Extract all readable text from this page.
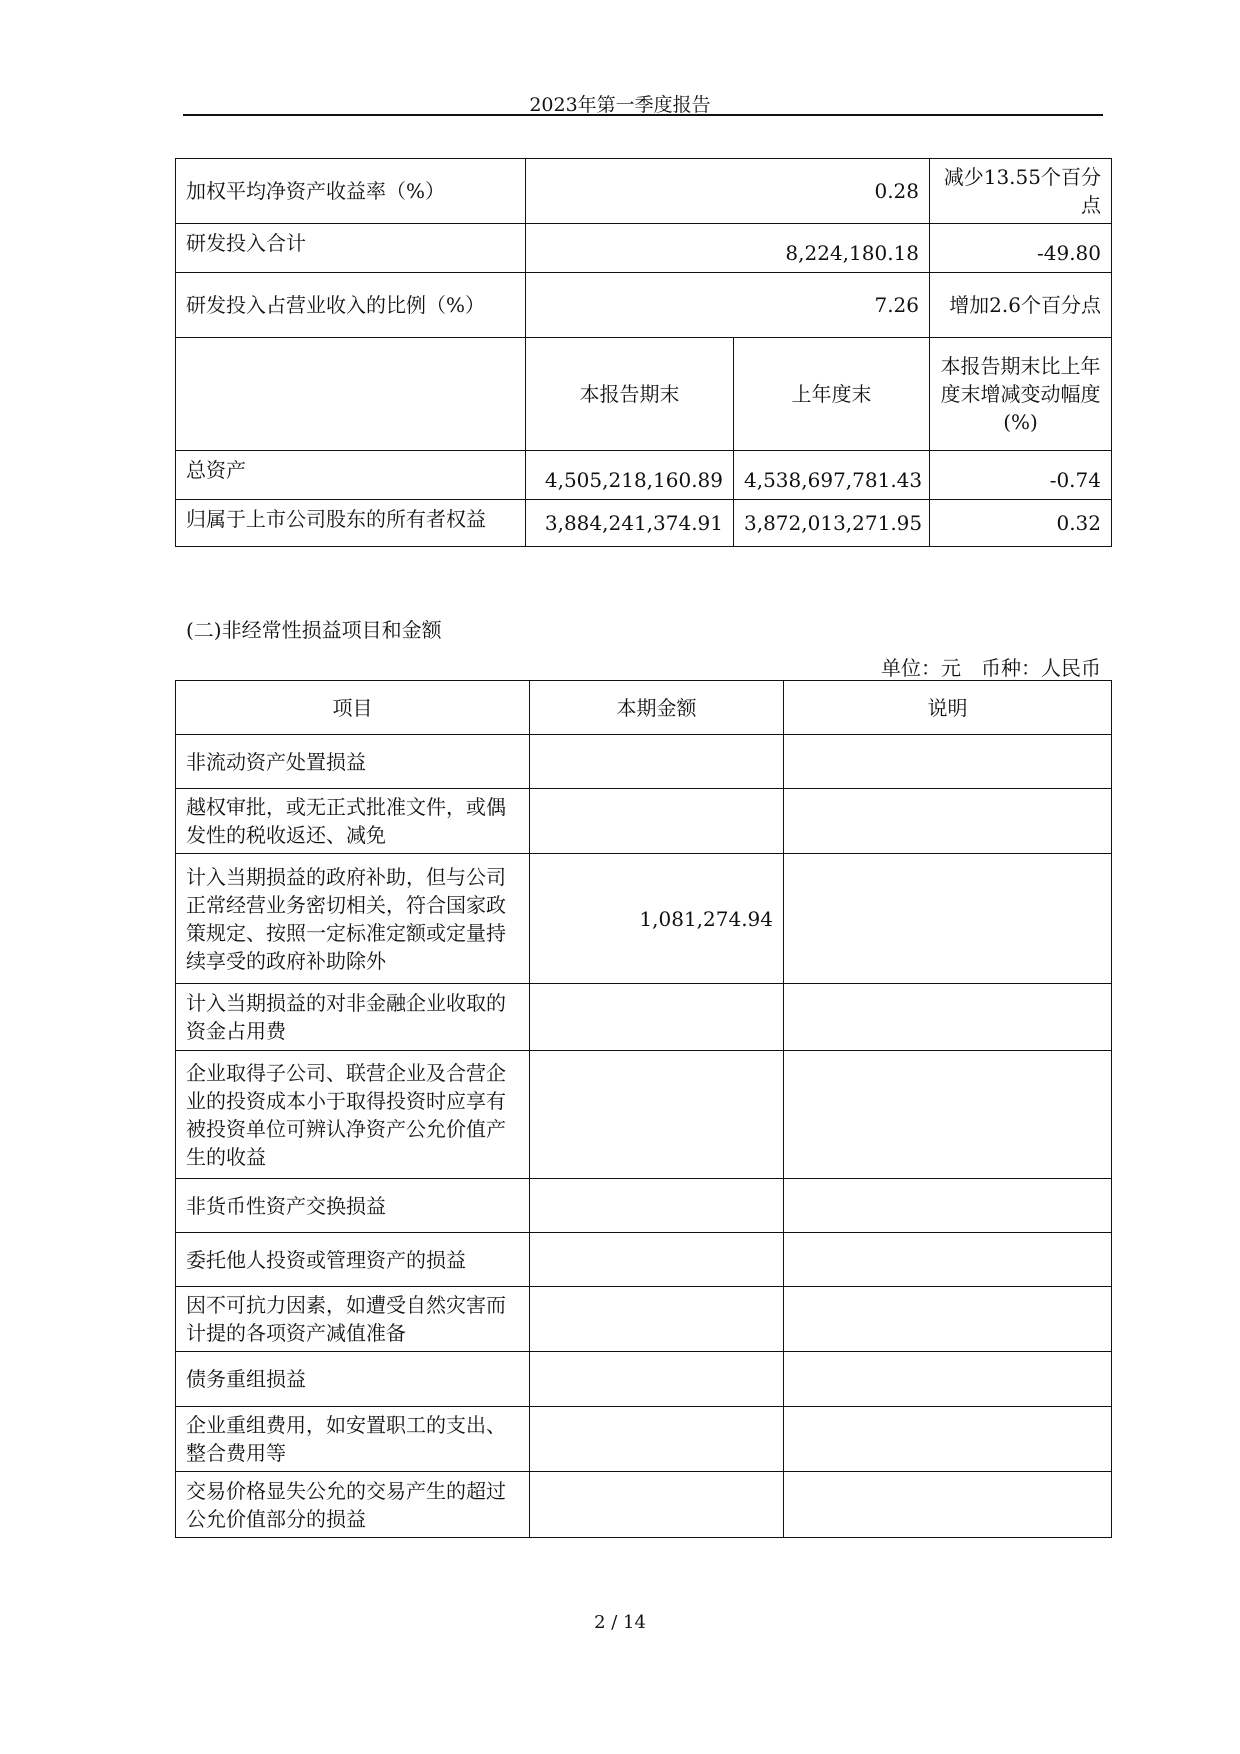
2023年第一季度报告
加权平均净资产收益率（%）	0.28		减少13.55个百分点
研发投入合计	8,224,180.18		-49.80
研发投入占营业收入的比例（%）	7.26		增加2.6个百分点
	本报告期末	上年度末	本报告期末比上年度末增减变动幅度(%)
总资产	4,505,218,160.89	4,538,697,781.43	-0.74
归属于上市公司股东的所有者权益	3,884,241,374.91	3,872,013,271.95	0.32
(二)非经常性损益项目和金额
单位：元　币种：人民币
项目	本期金额	说明
非流动资产处置损益		
越权审批，或无正式批准文件，或偶发性的税收返还、减免		
计入当期损益的政府补助，但与公司正常经营业务密切相关，符合国家政策规定、按照一定标准定额或定量持续享受的政府补助除外	1,081,274.94	
计入当期损益的对非金融企业收取的资金占用费		
企业取得子公司、联营企业及合营企业的投资成本小于取得投资时应享有被投资单位可辨认净资产公允价值产生的收益		
非货币性资产交换损益		
委托他人投资或管理资产的损益		
因不可抗力因素，如遭受自然灾害而计提的各项资产减值准备		
债务重组损益		
企业重组费用，如安置职工的支出、整合费用等		
交易价格显失公允的交易产生的超过公允价值部分的损益		
2 / 14
